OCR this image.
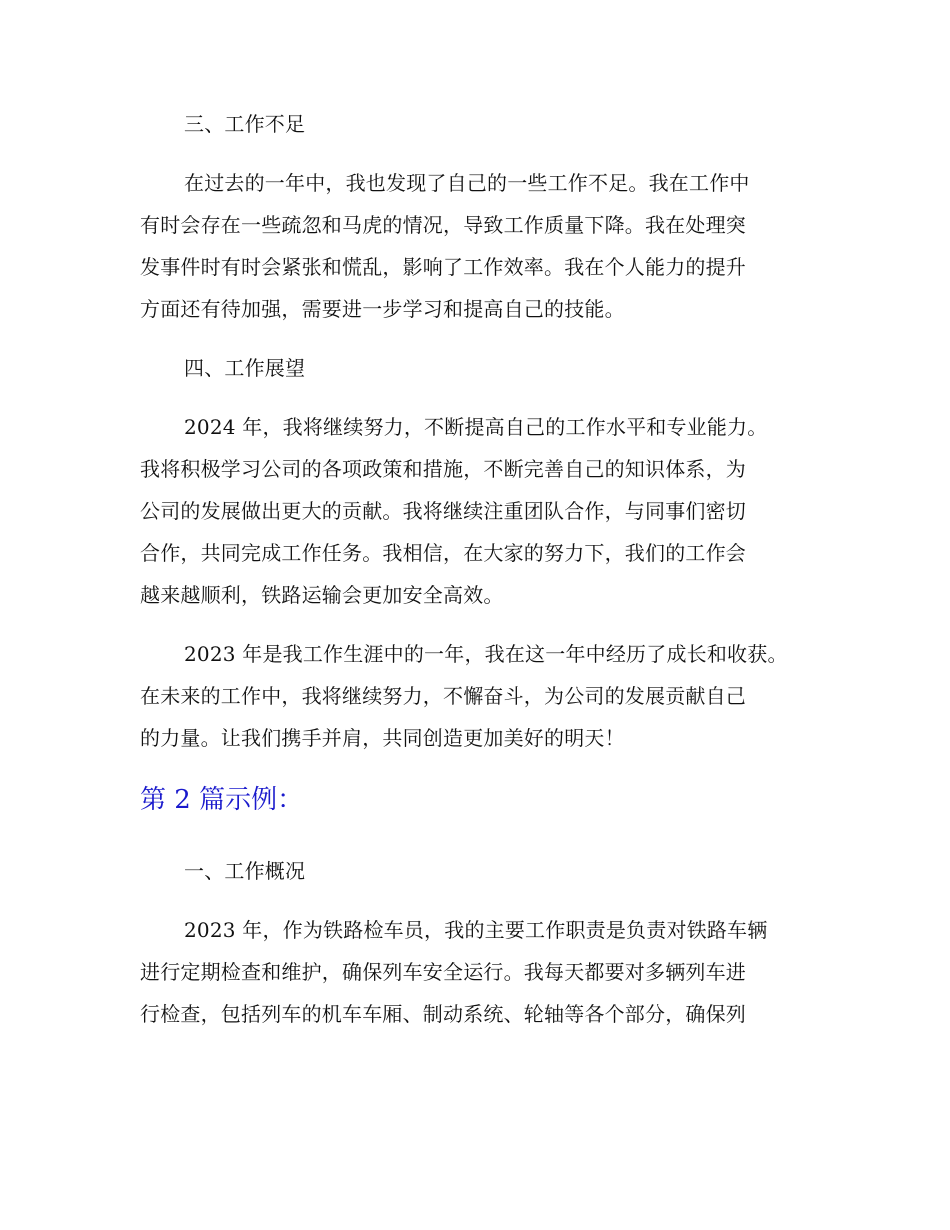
三、工作不足
在过去的一年中，我也发现了自己的一些工作不足。我在工作中
有时会存在一些疏忽和马虎的情况，导致工作质量下降。我在处理突
发事件时有时会紧张和慌乱，影响了工作效率。我在个人能力的提升
方面还有待加强，需要进一步学习和提高自己的技能。
四、工作展望
2024 年，我将继续努力，不断提高自己的工作水平和专业能力。
我将积极学习公司的各项政策和措施，不断完善自己的知识体系，为
公司的发展做出更大的贡献。我将继续注重团队合作，与同事们密切
合作，共同完成工作任务。我相信，在大家的努力下，我们的工作会
越来越顺利，铁路运输会更加安全高效。
2023 年是我工作生涯中的一年，我在这一年中经历了成长和收获。
在未来的工作中，我将继续努力，不懈奋斗，为公司的发展贡献自己
的力量。让我们携手并肩，共同创造更加美好的明天！
第 2 篇示例：
一、工作概况
2023 年，作为铁路检车员，我的主要工作职责是负责对铁路车辆
进行定期检查和维护，确保列车安全运行。我每天都要对多辆列车进
行检查，包括列车的机车车厢、制动系统、轮轴等各个部分，确保列
